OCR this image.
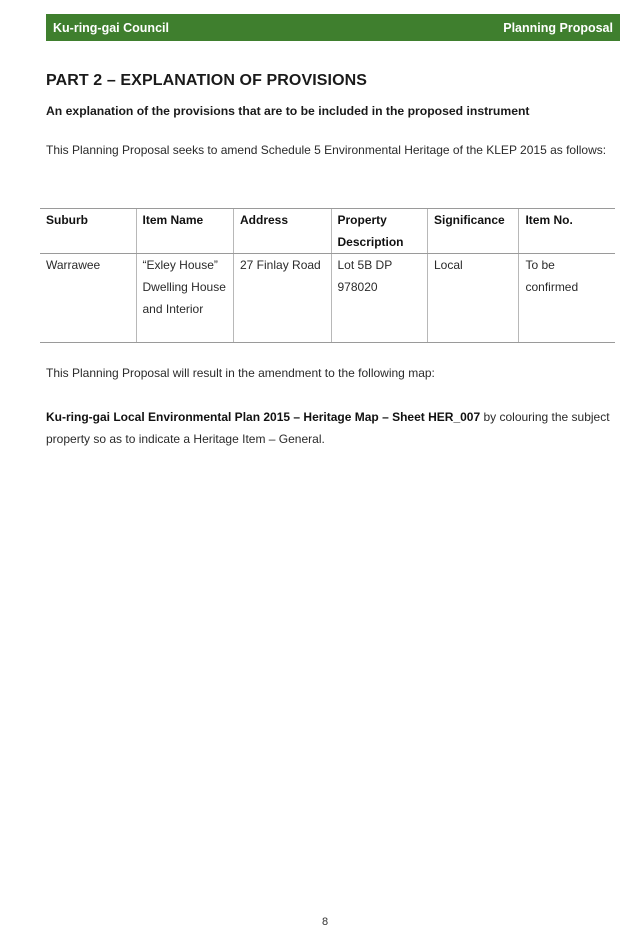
Ku-ring-gai Council	Planning Proposal
PART 2 – EXPLANATION OF PROVISIONS
An explanation of the provisions that are to be included in the proposed instrument
This Planning Proposal seeks to amend Schedule 5 Environmental Heritage of the KLEP 2015 as follows:
Suburb	Item Name	Address	Property Description	Significance	Item No.
Warrawee	“Exley House” Dwelling House and Interior	27 Finlay Road	Lot 5B DP 978020	Local	To be confirmed
This Planning Proposal will result in the amendment to the following map:
Ku-ring-gai Local Environmental Plan 2015 – Heritage Map – Sheet HER_007 by colouring the subject property so as to indicate a Heritage Item – General.
8
